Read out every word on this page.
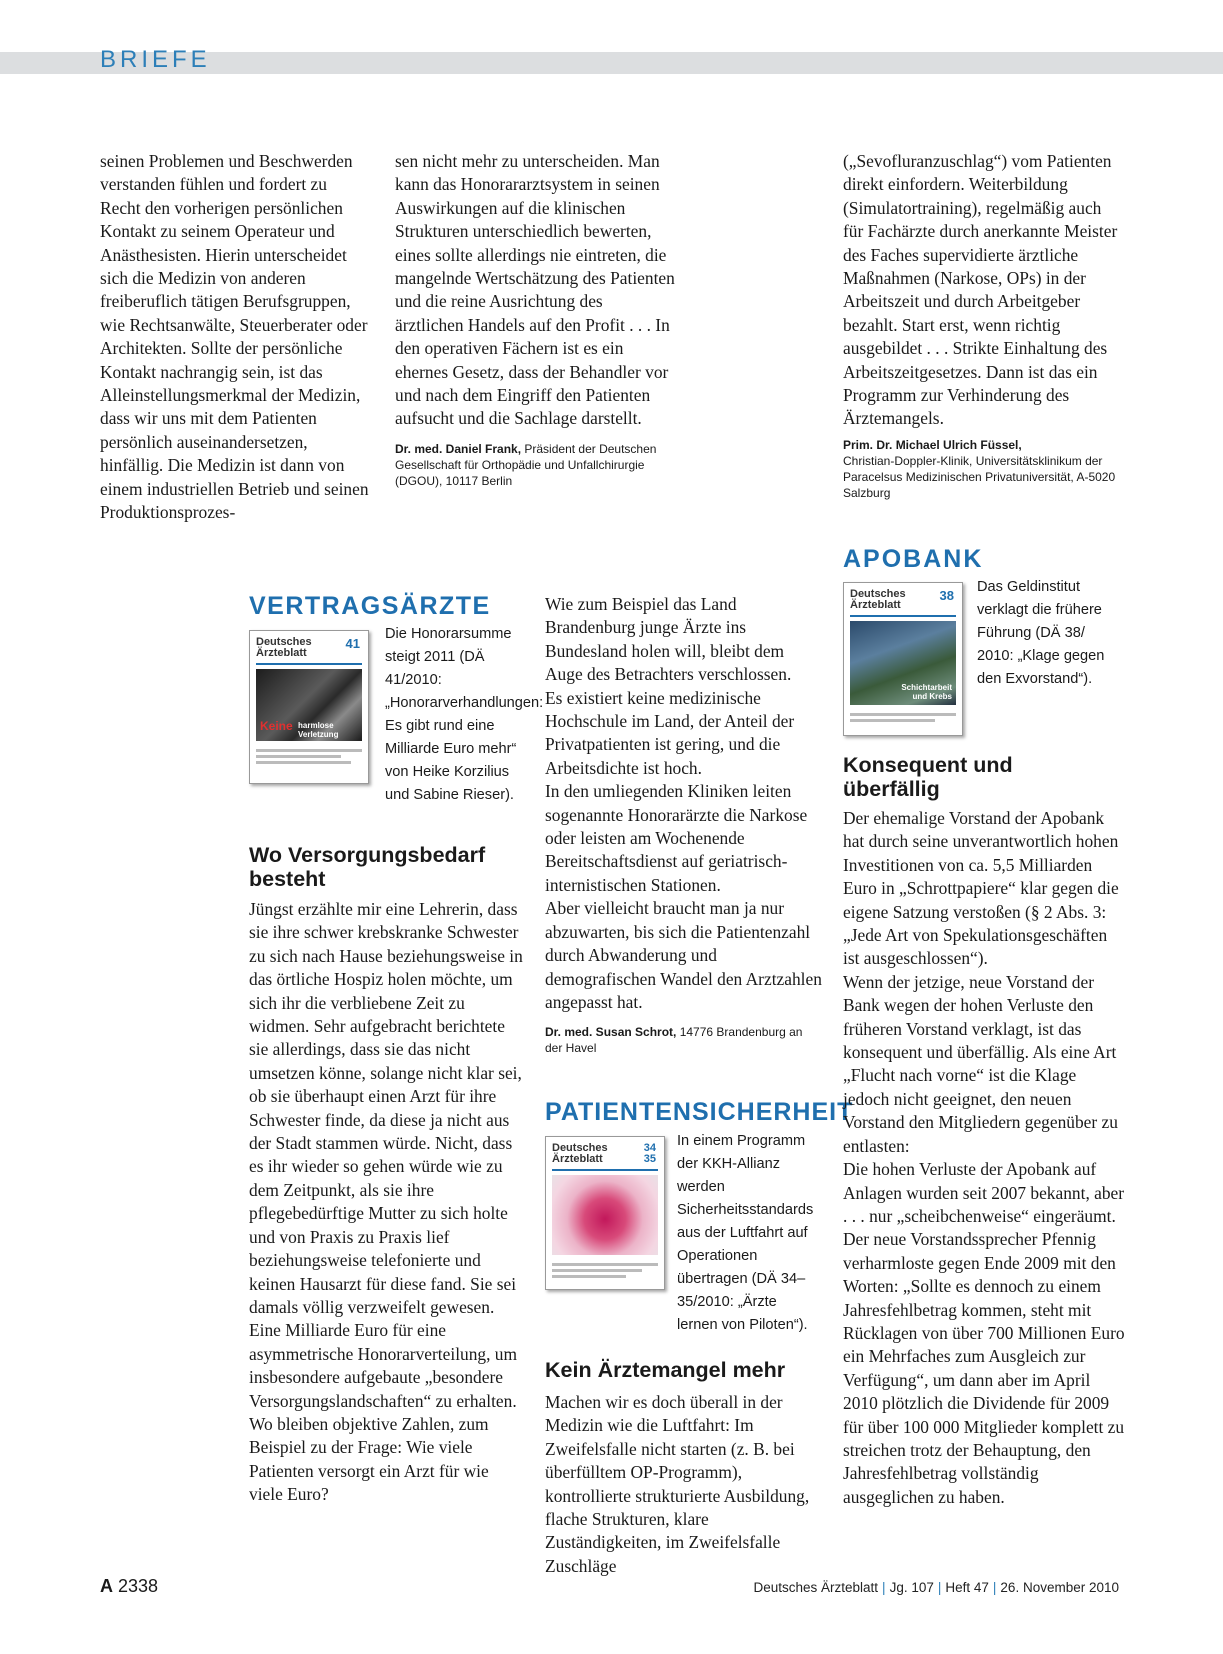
BRIEFE

seinen Problemen und Beschwerden verstanden fühlen und fordert zu Recht den vorherigen persönlichen Kontakt zu seinem Operateur und Anästhesisten. Hierin unterscheidet sich die Medizin von anderen freiberuflich tätigen Berufsgruppen, wie Rechtsanwälte, Steuerberater oder Architekten. Sollte der persönliche Kontakt nachrangig sein, ist das Alleinstellungsmerkmal der Medizin, dass wir uns mit dem Patienten persönlich auseinandersetzen, hinfällig. Die Medizin ist dann von einem industriellen Betrieb und seinen Produktionsprozes-

sen nicht mehr zu unterscheiden. Man kann das Honorararztsystem in seinen Auswirkungen auf die klinischen Strukturen unterschiedlich bewerten, eines sollte allerdings nie eintreten, die mangelnde Wertschätzung des Patienten und die reine Ausrichtung des ärztlichen Handels auf den Profit . . . In den operativen Fächern ist es ein ehernes Gesetz, dass der Behandler vor und nach dem Eingriff den Patienten aufsucht und die Sachlage darstellt.

Dr. med. Daniel Frank, Präsident der Deutschen Gesellschaft für Orthopädie und Unfallchirurgie (DGOU), 10117 Berlin

(„Sevofluranzuschlag“) vom Patienten direkt einfordern. Weiterbildung (Simulatortraining), regelmäßig auch für Fachärzte durch anerkannte Meister des Faches supervidierte ärztliche Maßnahmen (Narkose, OPs) in der Arbeitszeit und durch Arbeitgeber bezahlt. Start erst, wenn richtig ausgebildet . . . Strikte Einhaltung des Arbeitszeitgesetzes. Dann ist das ein Programm zur Verhinderung des Ärztemangels.

Prim. Dr. Michael Ulrich Füssel,
Christian-Doppler-Klinik, Universitätsklinikum der Paracelsus Medizinischen Privatuniversität, A-5020 Salzburg

VERTRAGSÄRZTE
Deutsches Ärzteblatt
41
Keine harmlose Verletzung
Die Honorarsumme steigt 2011 (DÄ 41/2010: „Honorarverhandlungen: Es gibt rund eine Milliarde Euro mehr“ von Heike Korzilius und Sabine Rieser).
Wo Versorgungsbedarf besteht

Jüngst erzählte mir eine Lehrerin, dass sie ihre schwer krebskranke Schwester zu sich nach Hause beziehungsweise in das örtliche Hospiz holen möchte, um sich ihr die verbliebene Zeit zu widmen. Sehr aufgebracht berichtete sie allerdings, dass sie das nicht umsetzen könne, solange nicht klar sei, ob sie überhaupt einen Arzt für ihre Schwester finde, da diese ja nicht aus der Stadt stammen würde. Nicht, dass es ihr wieder so gehen würde wie zu dem Zeitpunkt, als sie ihre pflegebedürftige Mutter zu sich holte und von Praxis zu Praxis lief beziehungsweise telefonierte und keinen Hausarzt für diese fand. Sie sei damals völlig verzweifelt gewesen.

Eine Milliarde Euro für eine asymmetrische Honorarverteilung, um insbesondere aufgebaute „besondere Versorgungslandschaften“ zu erhalten.

Wo bleiben objektive Zahlen, zum Beispiel zu der Frage: Wie viele Patienten versorgt ein Arzt für wie viele Euro?

Wie zum Beispiel das Land Brandenburg junge Ärzte ins Bundesland holen will, bleibt dem Auge des Betrachters verschlossen.

Es existiert keine medizinische Hochschule im Land, der Anteil der Privatpatienten ist gering, und die Arbeitsdichte ist hoch.

In den umliegenden Kliniken leiten sogenannte Honorarärzte die Narkose oder leisten am Wochenende Bereitschaftsdienst auf geriatrisch-internistischen Stationen.

Aber vielleicht braucht man ja nur abzuwarten, bis sich die Patientenzahl durch Abwanderung und demografischen Wandel den Arztzahlen angepasst hat.

Dr. med. Susan Schrot, 14776 Brandenburg an der Havel

PATIENTENSICHERHEIT
Deutsches Ärzteblatt
34 35
In einem Programm der KKH-Allianz werden Sicherheitsstandards aus der Luftfahrt auf Operationen übertragen (DÄ 34–35/2010: „Ärzte lernen von Piloten“).
Kein Ärztemangel mehr

Machen wir es doch überall in der Medizin wie die Luftfahrt: Im Zweifelsfalle nicht starten (z. B. bei überfülltem OP-Programm), kontrollierte strukturierte Ausbildung, flache Strukturen, klare Zuständigkeiten, im Zweifelsfalle Zuschläge

APOBANK
Deutsches Ärzteblatt
38
Schichtarbeit und Krebs
Das Geldinstitut verklagt die frühere Führung (DÄ 38/ 2010: „Klage gegen den Exvorstand“).
Konsequent und überfällig

Der ehemalige Vorstand der Apobank hat durch seine unverantwortlich hohen Investitionen von ca. 5,5 Milliarden Euro in „Schrottpapiere“ klar gegen die eigene Satzung verstoßen (§ 2 Abs. 3: „Jede Art von Spekulationsgeschäften ist ausgeschlossen“).

Wenn der jetzige, neue Vorstand der Bank wegen der hohen Verluste den früheren Vorstand verklagt, ist das konsequent und überfällig. Als eine Art „Flucht nach vorne“ ist die Klage jedoch nicht geeignet, den neuen Vorstand den Mitgliedern gegenüber zu entlasten:

Die hohen Verluste der Apobank auf Anlagen wurden seit 2007 bekannt, aber . . . nur „scheibchenweise“ eingeräumt. Der neue Vorstandssprecher Pfennig verharmloste gegen Ende 2009 mit den Worten: „Sollte es dennoch zu einem Jahresfehlbetrag kommen, steht mit Rücklagen von über 700 Millionen Euro ein Mehrfaches zum Ausgleich zur Verfügung“, um dann aber im April 2010 plötzlich die Dividende für 2009 für über 100 000 Mitglieder komplett zu streichen trotz der Behauptung, den Jahresfehlbetrag vollständig ausgeglichen zu haben.

A 2338	Deutsches Ärzteblatt | Jg. 107 | Heft 47 | 26. November 2010
